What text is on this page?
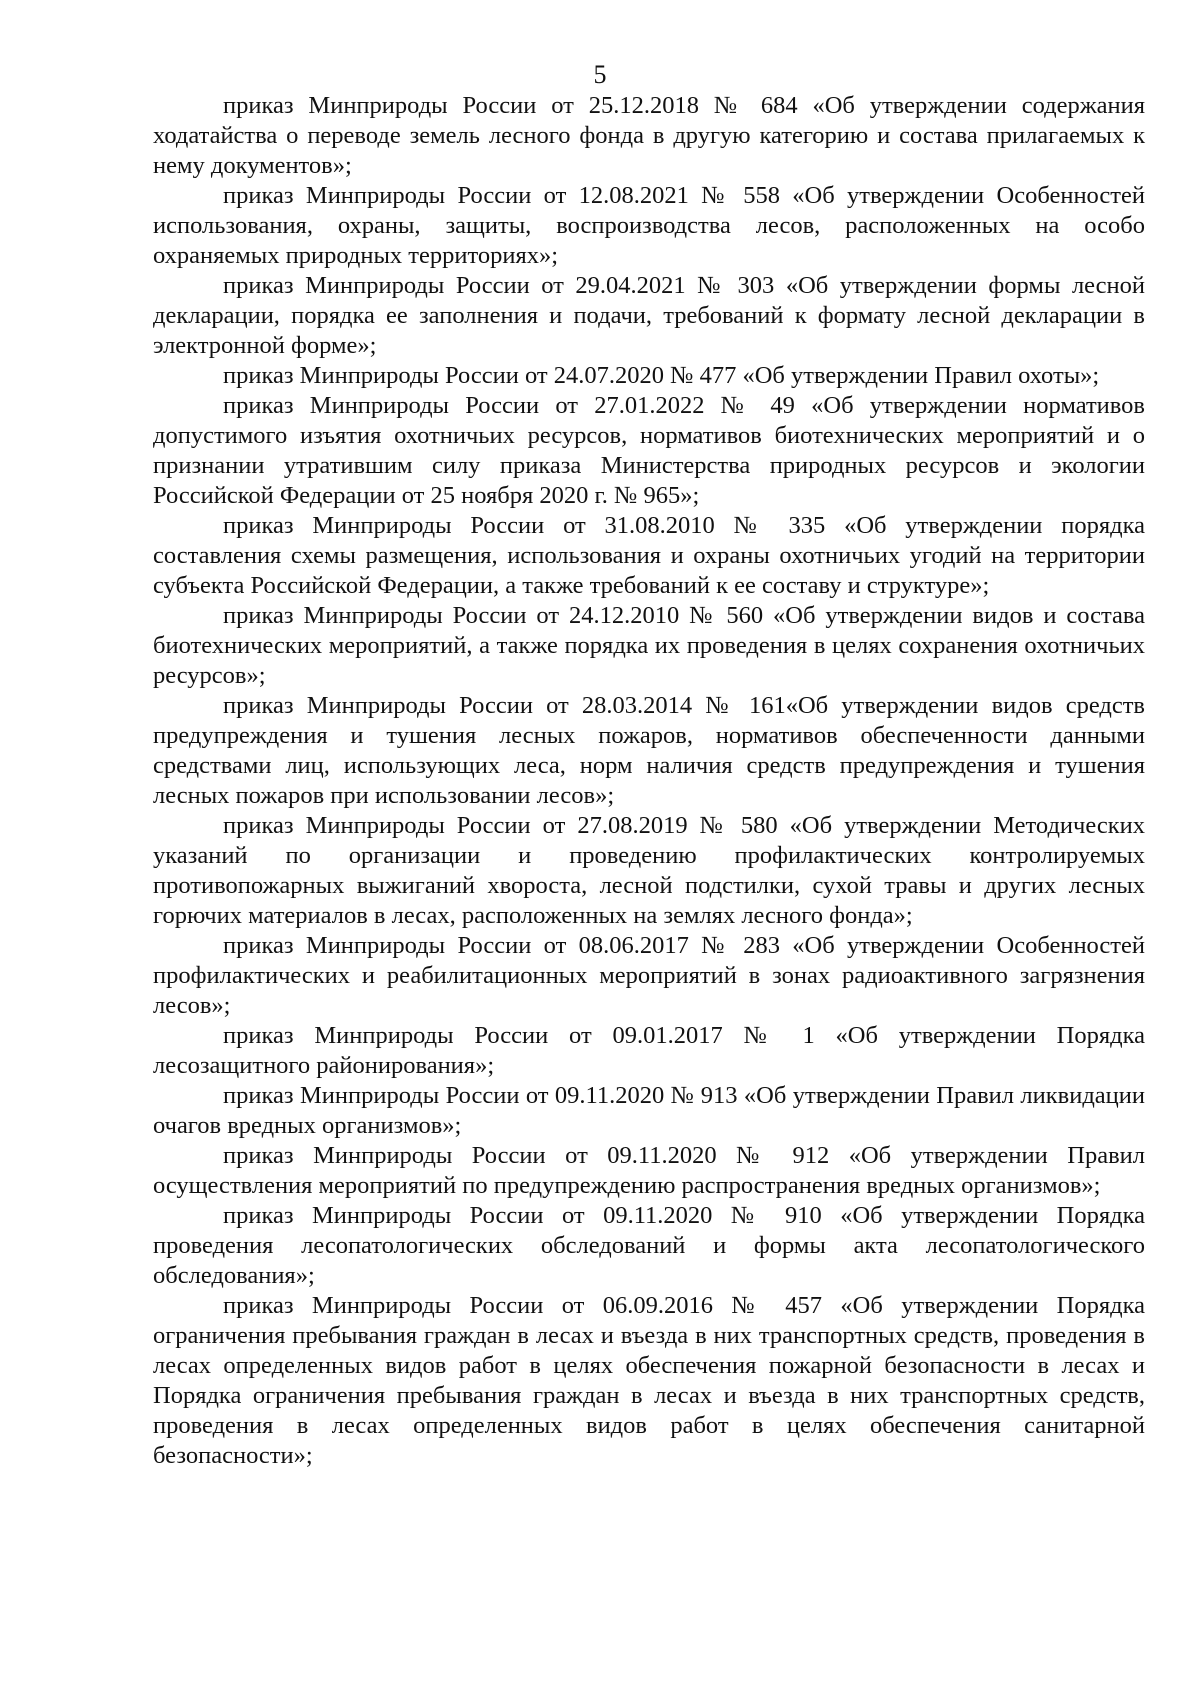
5

приказ Минприроды России от 25.12.2018 № 684 «Об утверждении содержания ходатайства о переводе земель лесного фонда в другую категорию и состава прилагаемых к нему документов»;

приказ Минприроды России от 12.08.2021 № 558 «Об утверждении Особенностей использования, охраны, защиты, воспроизводства лесов, расположенных на особо охраняемых природных территориях»;

приказ Минприроды России от 29.04.2021 № 303 «Об утверждении формы лесной декларации, порядка ее заполнения и подачи, требований к формату лесной декларации в электронной форме»;

приказ Минприроды России от 24.07.2020 № 477 «Об утверждении Правил охоты»;

приказ Минприроды России от 27.01.2022 № 49 «Об утверждении нормативов допустимого изъятия охотничьих ресурсов, нормативов биотехнических мероприятий и о признании утратившим силу приказа Министерства природных ресурсов и экологии Российской Федерации от 25 ноября 2020 г. № 965»;

приказ Минприроды России от 31.08.2010 № 335 «Об утверждении порядка составления схемы размещения, использования и охраны охотничьих угодий на территории субъекта Российской Федерации, а также требований к ее составу и структуре»;

приказ Минприроды России от 24.12.2010 № 560 «Об утверждении видов и состава биотехнических мероприятий, а также порядка их проведения в целях сохранения охотничьих ресурсов»;

приказ Минприроды России от 28.03.2014 № 161«Об утверждении видов средств предупреждения и тушения лесных пожаров, нормативов обеспеченности данными средствами лиц, использующих леса, норм наличия средств предупреждения и тушения лесных пожаров при использовании лесов»;

приказ Минприроды России от 27.08.2019 № 580 «Об утверждении Методических указаний по организации и проведению профилактических контролируемых противопожарных выжиганий хвороста, лесной подстилки, сухой травы и других лесных горючих материалов в лесах, расположенных на землях лесного фонда»;

приказ Минприроды России от 08.06.2017 № 283 «Об утверждении Особенностей профилактических и реабилитационных мероприятий в зонах радиоактивного загрязнения лесов»;

приказ Минприроды России от 09.01.2017 № 1 «Об утверждении Порядка лесозащитного районирования»;

приказ Минприроды России от 09.11.2020 № 913 «Об утверждении Правил ликвидации очагов вредных организмов»;

приказ Минприроды России от 09.11.2020 № 912 «Об утверждении Правил осуществления мероприятий по предупреждению распространения вредных организмов»;

приказ Минприроды России от 09.11.2020 № 910 «Об утверждении Порядка проведения лесопатологических обследований и формы акта лесопатологического обследования»;

приказ Минприроды России от 06.09.2016 № 457 «Об утверждении Порядка ограничения пребывания граждан в лесах и въезда в них транспортных средств, проведения в лесах определенных видов работ в целях обеспечения пожарной безопасности в лесах и Порядка ограничения пребывания граждан в лесах и въезда в них транспортных средств, проведения в лесах определенных видов работ в целях обеспечения санитарной безопасности»;
